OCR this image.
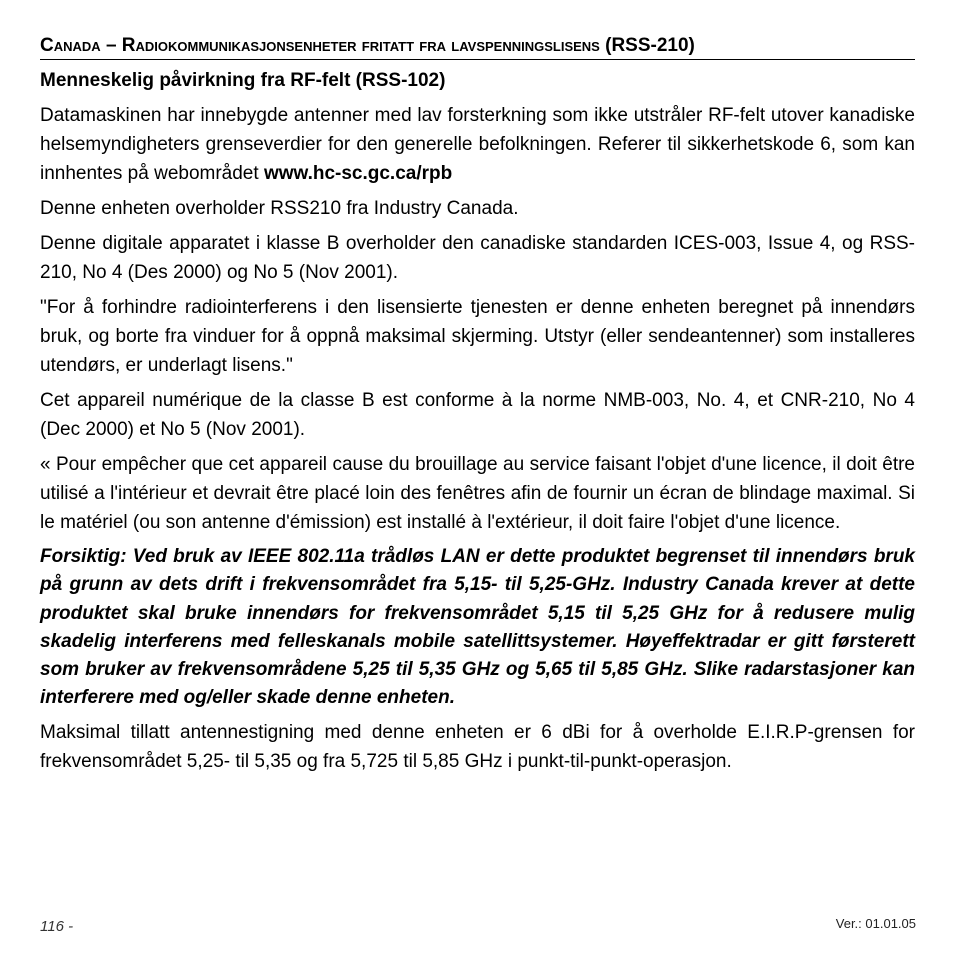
Canada – Radiokommunikasjonsenheter fritatt fra lavspenningslisens (RSS-210)
Menneskelig påvirkning fra RF-felt (RSS-102)

Datamaskinen har innebygde antenner med lav forsterkning som ikke utstråler RF-felt utover kanadiske helsemyndigheters grenseverdier for den generelle befolkningen. Referer til sikkerhetskode 6, som kan innhentes på webområdet www.hc-sc.gc.ca/rpb

Denne enheten overholder RSS210 fra Industry Canada.

Denne digitale apparatet i klasse B overholder den canadiske standarden ICES-003, Issue 4, og RSS-210, No 4 (Des 2000) og No 5 (Nov 2001).

"For å forhindre radiointerferens i den lisensierte tjenesten er denne enheten beregnet på innendørs bruk, og borte fra vinduer for å oppnå maksimal skjerming. Utstyr (eller sendeantenner) som installeres utendørs, er underlagt lisens."

Cet appareil numérique de la classe B est conforme à la norme NMB-003, No. 4, et CNR-210, No 4 (Dec 2000) et No 5 (Nov 2001).

« Pour empêcher que cet appareil cause du brouillage au service faisant l'objet d'une licence, il doit être utilisé a l'intérieur et devrait être placé loin des fenêtres afin de fournir un écran de blindage maximal. Si le matériel (ou son antenne d'émission) est installé à l'extérieur, il doit faire l'objet d'une licence.

Forsiktig: Ved bruk av IEEE 802.11a trådløs LAN er dette produktet begrenset til innendørs bruk på grunn av dets drift i frekvensområdet fra 5,15- til 5,25-GHz. Industry Canada krever at dette produktet skal bruke innendørs for frekvensområdet 5,15 til 5,25 GHz for å redusere mulig skadelig interferens med felleskanals mobile satellittsystemer. Høyeffektradar er gitt førsterett som bruker av frekvensområdene 5,25 til 5,35 GHz og 5,65 til 5,85 GHz. Slike radarstasjoner kan interferere med og/eller skade denne enheten.

Maksimal tillatt antennestigning med denne enheten er 6 dBi for å overholde E.I.R.P-grensen for frekvensområdet 5,25- til 5,35 og fra 5,725 til 5,85 GHz i punkt-til-punkt-operasjon.

116 -	Ver.: 01.01.05
